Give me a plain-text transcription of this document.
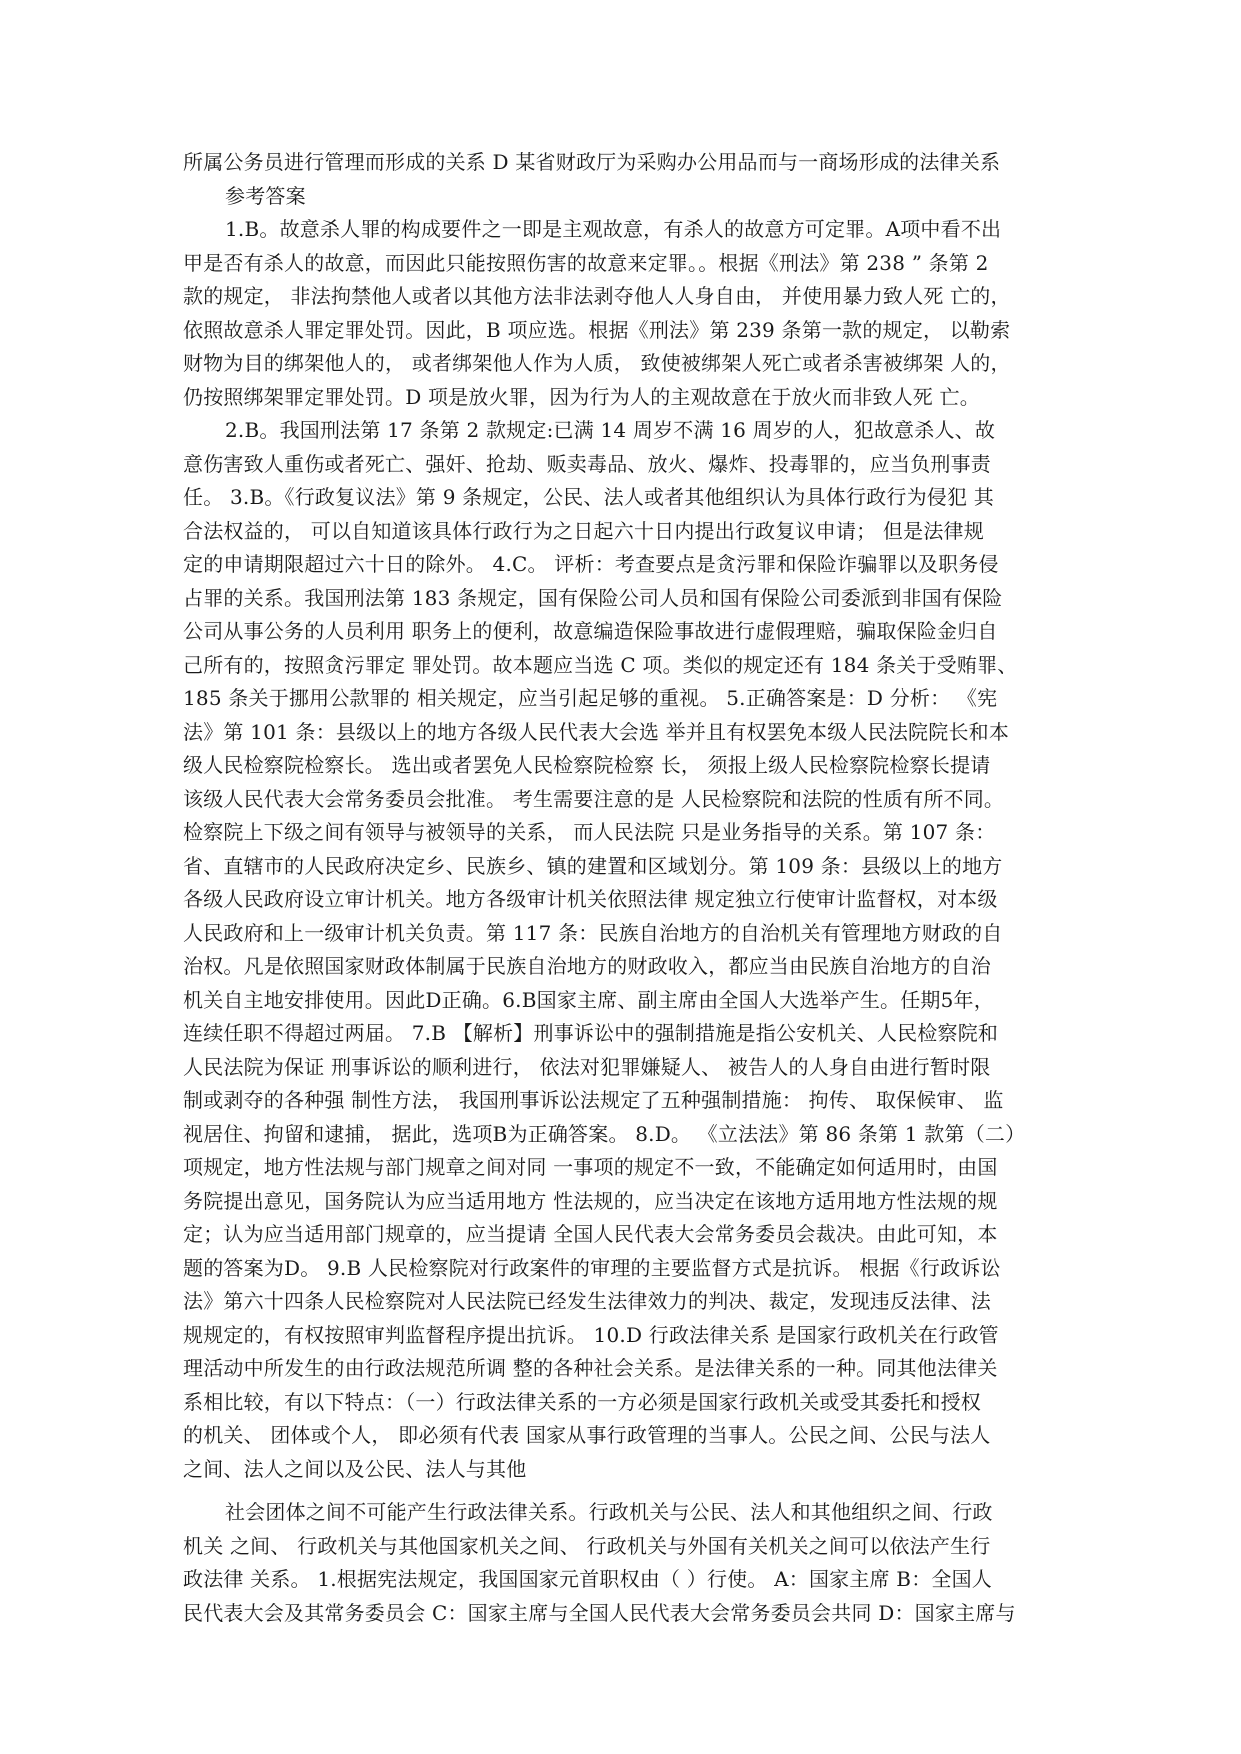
所属公务员进行管理而形成的关系 D 某省财政厅为采购办公用品而与一商场形成的法律关系
参考答案
1.B。故意杀人罪的构成要件之一即是主观故意，有杀人的故意方可定罪。A项中看不出
甲是否有杀人的故意，而因此只能按照伤害的故意来定罪。。根据《刑法》第 238 ” 条第 2
款的规定， 非法拘禁他人或者以其他方法非法剥夺他人人身自由， 并使用暴力致人死 亡的，
依照故意杀人罪定罪处罚。因此，B 项应选。根据《刑法》第 239 条第一款的规定， 以勒索
财物为目的绑架他人的， 或者绑架他人作为人质， 致使被绑架人死亡或者杀害被绑架 人的，
仍按照绑架罪定罪处罚。D 项是放火罪，因为行为人的主观故意在于放火而非致人死 亡。
2.B。我国刑法第 17 条第 2 款规定:已满 14 周岁不满 16 周岁的人，犯故意杀人、故
意伤害致人重伤或者死亡、强奸、抢劫、贩卖毒品、放火、爆炸、投毒罪的，应当负刑事责
任。 3.B。《行政复议法》第 9 条规定，公民、法人或者其他组织认为具体行政行为侵犯 其
合法权益的， 可以自知道该具体行政行为之日起六十日内提出行政复议申请； 但是法律规
定的申请期限超过六十日的除外。 4.C。 评析：考查要点是贪污罪和保险诈骗罪以及职务侵
占罪的关系。我国刑法第 183 条规定，国有保险公司人员和国有保险公司委派到非国有保险
公司从事公务的人员利用 职务上的便利，故意编造保险事故进行虚假理赔，骗取保险金归自
己所有的，按照贪污罪定 罪处罚。故本题应当选 C 项。类似的规定还有 184 条关于受贿罪、
185 条关于挪用公款罪的 相关规定，应当引起足够的重视。 5.正确答案是：D 分析： 《宪
法》第 101 条：县级以上的地方各级人民代表大会选 举并且有权罢免本级人民法院院长和本
级人民检察院检察长。 选出或者罢免人民检察院检察 长， 须报上级人民检察院检察长提请
该级人民代表大会常务委员会批准。 考生需要注意的是 人民检察院和法院的性质有所不同。
检察院上下级之间有领导与被领导的关系， 而人民法院 只是业务指导的关系。第 107 条：
省、直辖市的人民政府决定乡、民族乡、镇的建置和区域划分。第 109 条：县级以上的地方
各级人民政府设立审计机关。地方各级审计机关依照法律 规定独立行使审计监督权，对本级
人民政府和上一级审计机关负责。第 117 条：民族自治地方的自治机关有管理地方财政的自
治权。凡是依照国家财政体制属于民族自治地方的财政收入，都应当由民族自治地方的自治
机关自主地安排使用。因此D正确。6.B国家主席、副主席由全国人大选举产生。任期5年，
连续任职不得超过两届。 7.B 【解析】刑事诉讼中的强制措施是指公安机关、人民检察院和
人民法院为保证 刑事诉讼的顺利进行， 依法对犯罪嫌疑人、 被告人的人身自由进行暂时限
制或剥夺的各种强 制性方法， 我国刑事诉讼法规定了五种强制措施： 拘传、 取保候审、 监
视居住、拘留和逮捕， 据此，选项B为正确答案。 8.D。 《立法法》第 86 条第 1 款第（二）
项规定，地方性法规与部门规章之间对同 一事项的规定不一致，不能确定如何适用时，由国
务院提出意见，国务院认为应当适用地方 性法规的，应当决定在该地方适用地方性法规的规
定；认为应当适用部门规章的，应当提请 全国人民代表大会常务委员会裁决。由此可知，本
题的答案为D。 9.B 人民检察院对行政案件的审理的主要监督方式是抗诉。 根据《行政诉讼
法》第六十四条人民检察院对人民法院已经发生法律效力的判决、裁定，发现违反法律、法
规规定的，有权按照审判监督程序提出抗诉。 10.D 行政法律关系 是国家行政机关在行政管
理活动中所发生的由行政法规范所调 整的各种社会关系。是法律关系的一种。同其他法律关
系相比较，有以下特点：（一）行政法律关系的一方必须是国家行政机关或受其委托和授权
的机关、 团体或个人， 即必须有代表 国家从事行政管理的当事人。公民之间、公民与法人
之间、法人之间以及公民、法人与其他
社会团体之间不可能产生行政法律关系。行政机关与公民、法人和其他组织之间、行政
机关 之间、 行政机关与其他国家机关之间、 行政机关与外国有关机关之间可以依法产生行
政法律 关系。 1.根据宪法规定，我国国家元首职权由（ ）行使。 A：国家主席 B：全国人
民代表大会及其常务委员会 C：国家主席与全国人民代表大会常务委员会共同 D：国家主席与
